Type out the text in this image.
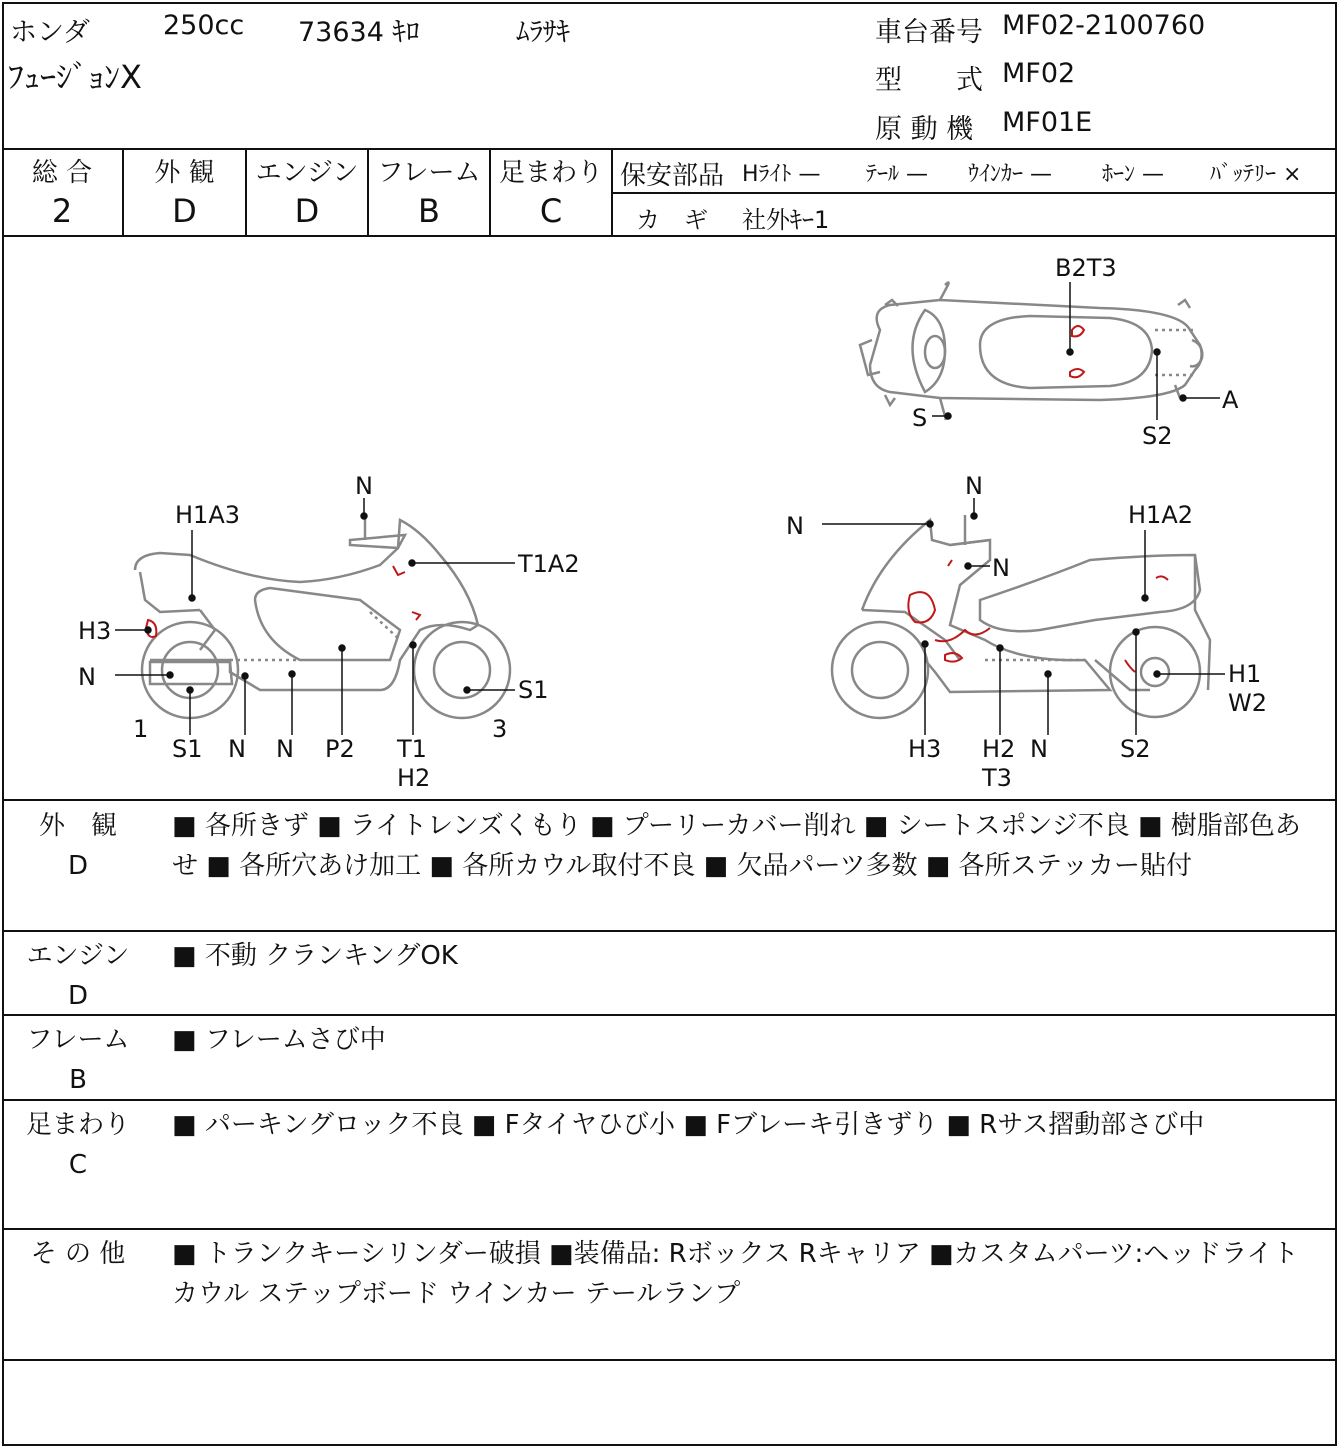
ホンダ	250cc 73634 ｷﾛ	ﾑﾗｻｷ
ﾌｭｰｼﾞｮﾝX
車台番号 MF02-2100760
型　　式 MF02
原 動 機 MF01E
総 合
2
外 観
D
エンジン
D
フレーム
B
足まわり
C
保安部品 Hﾗｲﾄ — ﾃｰﾙ — ｳｲﾝｶｰ — ﾎｰﾝ — ﾊﾞｯﾃﾘｰ ×
カ　ギ 社外ｷｰ1
B2T3
S
S2
A
N
H1A3
T1A2
H3
N	S1
1
S1 N N P2 T1
H2
3
N
N
H1A2
N
H1
W2
H3 H2
T3
N	S2
外　観
D
■ 各所きず ■ ライトレンズくもり ■ プーリーカバー削れ ■ シートスポンジ不良 ■ 樹脂部色あせ ■ 各所穴あけ加工 ■ 各所カウル取付不良 ■ 欠品パーツ多数 ■ 各所ステッカー貼付
エンジン
D
■ 不動 クランキングOK
フレーム
B
■ フレームさび中
足まわり
C
■ パーキングロック不良 ■ Fタイヤひび小 ■ Fブレーキ引きずり ■ Rサス摺動部さび中
そ の 他	■ トランクキーシリンダー破損 ■装備品: Rボックス Rキャリア ■カスタムパーツ:ヘッドライト カウル ステップボード ウインカー テールランプ
